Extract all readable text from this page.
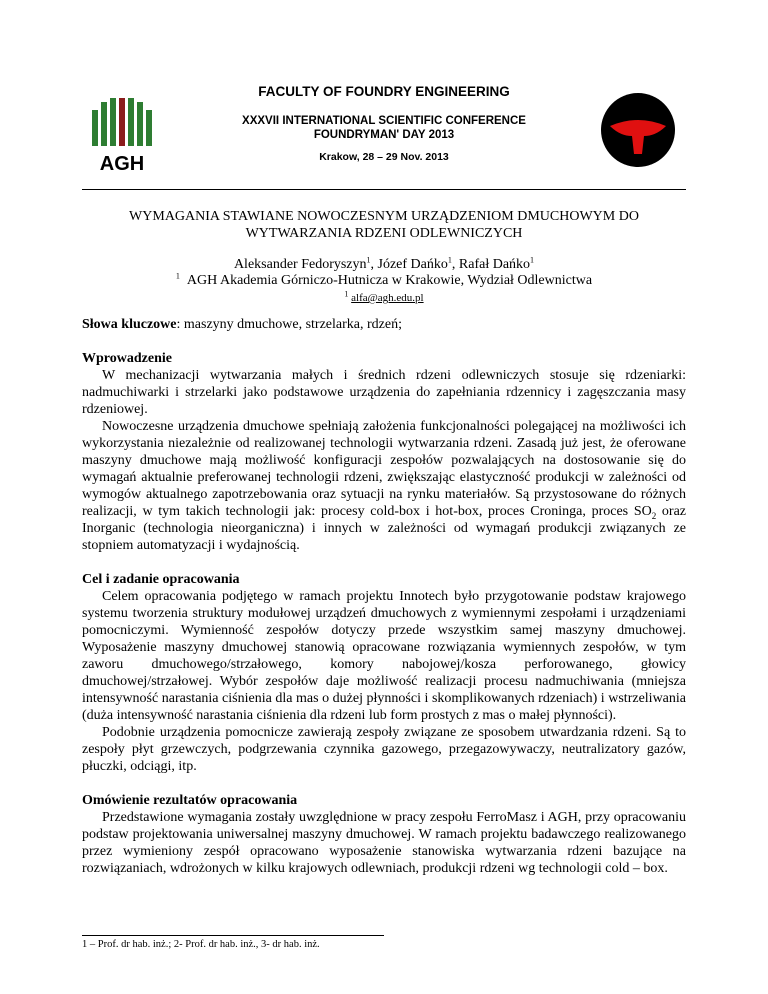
AGH
FACULTY OF FOUNDRY ENGINEERING
XXXVII INTERNATIONAL SCIENTIFIC CONFERENCE
FOUNDRYMAN' DAY 2013
Krakow, 28 – 29 Nov. 2013
WYMAGANIA STAWIANE NOWOCZESNYM URZĄDZENIOM DMUCHOWYM DO
WYTWARZANIA RDZENI ODLEWNICZYCH
Aleksander Fedoryszyn$^1$, Józef Dańko$^1$, Rafał Dańko$^1$
$^1$ AGH Akademia Górniczo-Hutnicza w Krakowie, Wydział Odlewnictwa
$^1$ alfa@agh.edu.pl

Słowa kluczowe: maszyny dmuchowe, strzelarka, rdzeń;

Wprowadzenie

W mechanizacji wytwarzania małych i średnich rdzeni odlewniczych stosuje się rdzeniarki: nadmuchiwarki i strzelarki jako podstawowe urządzenia do zapełniania rdzennicy i zagęszczania masy rdzeniowej.

Nowoczesne urządzenia dmuchowe spełniają założenia funkcjonalności polegającej na możliwości ich wykorzystania niezależnie od realizowanej technologii wytwarzania rdzeni. Zasadą już jest, że oferowane maszyny dmuchowe mają możliwość konfiguracji zespołów pozwalających na dostosowanie się do wymagań aktualnie preferowanej technologii rdzeni, zwiększając elastyczność produkcji w zależności od wymogów aktualnego zapotrzebowania oraz sytuacji na rynku materiałów. Są przystosowane do różnych realizacji, w tym takich technologii jak: procesy cold-box i hot-box, proces Croninga, proces $SO_2$ oraz Inorganic (technologia nieorganiczna) i innych w zależności od wymagań produkcji związanych ze stopniem automatyzacji i wydajnością.

Cel i zadanie opracowania

Celem opracowania podjętego w ramach projektu Innotech było przygotowanie podstaw krajowego systemu tworzenia struktury modułowej urządzeń dmuchowych z wymiennymi zespołami i urządzeniami pomocniczymi. Wymienność zespołów dotyczy przede wszystkim samej maszyny dmuchowej. Wyposażenie maszyny dmuchowej stanowią opracowane rozwiązania wymiennych zespołów, w tym zaworu dmuchowego/strzałowego, komory nabojowej/kosza perforowanego, głowicy dmuchowej/strzałowej. Wybór zespołów daje możliwość realizacji procesu nadmuchiwania (mniejsza intensywność narastania ciśnienia dla mas o dużej płynności i skomplikowanych rdzeniach) i wstrzeliwania (duża intensywność narastania ciśnienia dla rdzeni lub form prostych z mas o małej płynności).

Podobnie urządzenia pomocnicze zawierają zespoły związane ze sposobem utwardzania rdzeni. Są to zespoły płyt grzewczych, podgrzewania czynnika gazowego, przegazowywaczy, neutralizatory gazów, płuczki, odciągi, itp.

Omówienie rezultatów opracowania

Przedstawione wymagania zostały uwzględnione w pracy zespołu FerroMasz i AGH, przy opracowaniu podstaw projektowania uniwersalnej maszyny dmuchowej. W ramach projektu badawczego realizowanego przez wymieniony zespół opracowano wyposażenie stanowiska wytwarzania rdzeni bazujące na rozwiązaniach, wdrożonych w kilku krajowych odlewniach, produkcji rdzeni wg technologii cold – box.

1 – Prof. dr hab. inż.; 2- Prof. dr hab. inż., 3- dr hab. inż.
